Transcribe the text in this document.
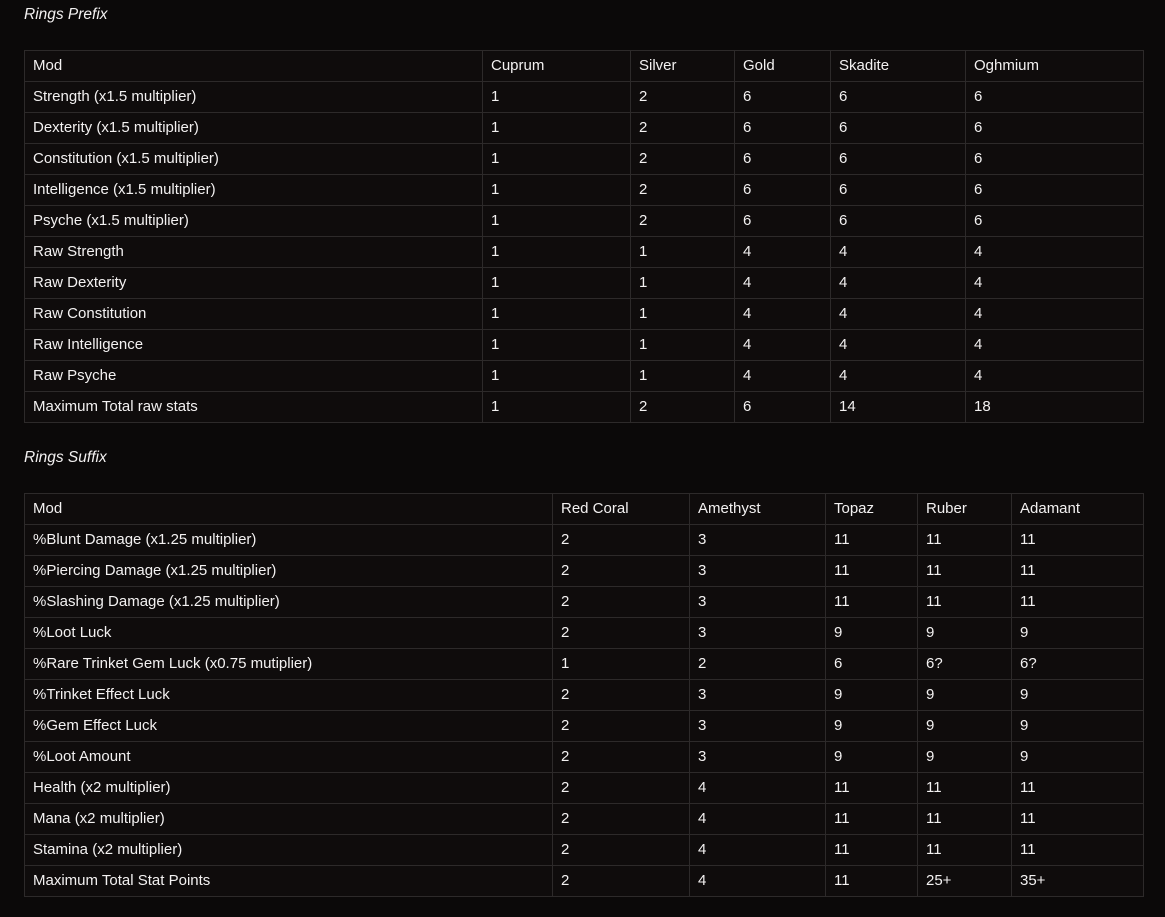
Rings Prefix
Mod	Cuprum	Silver	Gold	Skadite	Oghmium
Strength (x1.5 multiplier)	1	2	6	6	6
Dexterity (x1.5 multiplier)	1	2	6	6	6
Constitution (x1.5 multiplier)	1	2	6	6	6
Intelligence (x1.5 multiplier)	1	2	6	6	6
Psyche (x1.5 multiplier)	1	2	6	6	6
Raw Strength	1	1	4	4	4
Raw Dexterity	1	1	4	4	4
Raw Constitution	1	1	4	4	4
Raw Intelligence	1	1	4	4	4
Raw Psyche	1	1	4	4	4
Maximum Total raw stats	1	2	6	14	18
Rings Suffix
Mod	Red Coral	Amethyst	Topaz	Ruber	Adamant
%Blunt Damage (x1.25 multiplier)	2	3	11	11	11
%Piercing Damage (x1.25 multiplier)	2	3	11	11	11
%Slashing Damage (x1.25 multiplier)	2	3	11	11	11
%Loot Luck	2	3	9	9	9
%Rare Trinket Gem Luck (x0.75 mutiplier)	1	2	6	6?	6?
%Trinket Effect Luck	2	3	9	9	9
%Gem Effect Luck	2	3	9	9	9
%Loot Amount	2	3	9	9	9
Health (x2 multiplier)	2	4	11	11	11
Mana (x2 multiplier)	2	4	11	11	11
Stamina (x2 multiplier)	2	4	11	11	11
Maximum Total Stat Points	2	4	11	25+	35+
